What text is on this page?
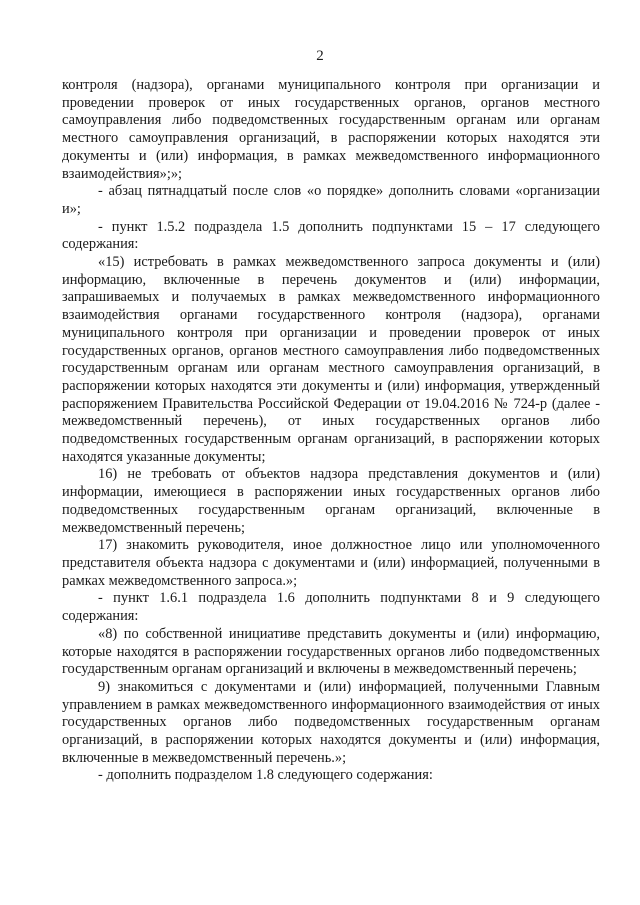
2

контроля (надзора), органами муниципального контроля при организации и проведении проверок от иных государственных органов, органов местного самоуправления либо подведомственных государственным органам или органам местного самоуправления организаций, в распоряжении которых находятся эти документы и (или) информация, в рамках межведомственного информационного взаимодействия»;»;

- абзац пятнадцатый после слов «о порядке» дополнить словами «организации и»;

- пункт 1.5.2 подраздела 1.5 дополнить подпунктами 15 – 17 следующего содержания:

«15) истребовать в рамках межведомственного запроса документы и (или) информацию, включенные в перечень документов и (или) информации, запрашиваемых и получаемых в рамках межведомственного информационного взаимодействия органами государственного контроля (надзора), органами муниципального контроля при организации и проведении проверок от иных государственных органов, органов местного самоуправления либо подведомственных государственным органам или органам местного самоуправления организаций, в распоряжении которых находятся эти документы и (или) информация, утвержденный распоряжением Правительства Российской Федерации от 19.04.2016 № 724-р (далее - межведомственный перечень), от иных государственных органов либо подведомственных государственным органам организаций, в распоряжении которых находятся указанные документы;

16) не требовать от объектов надзора представления документов и (или) информации, имеющиеся в распоряжении иных государственных органов либо подведомственных государственным органам организаций, включенные в межведомственный перечень;

17) знакомить руководителя, иное должностное лицо или уполномоченного представителя объекта надзора с документами и (или) информацией, полученными в рамках межведомственного запроса.»;

- пункт 1.6.1 подраздела 1.6 дополнить подпунктами 8 и 9 следующего содержания:

«8) по собственной инициативе представить документы и (или) информацию, которые находятся в распоряжении государственных органов либо подведомственных государственным органам организаций и включены в межведомственный перечень;

9) знакомиться с документами и (или) информацией, полученными Главным управлением в рамках межведомственного информационного взаимодействия от иных государственных органов либо подведомственных государственным органам организаций, в распоряжении которых находятся документы и (или) информация, включенные в межведомственный перечень.»;

- дополнить подразделом 1.8 следующего содержания:
